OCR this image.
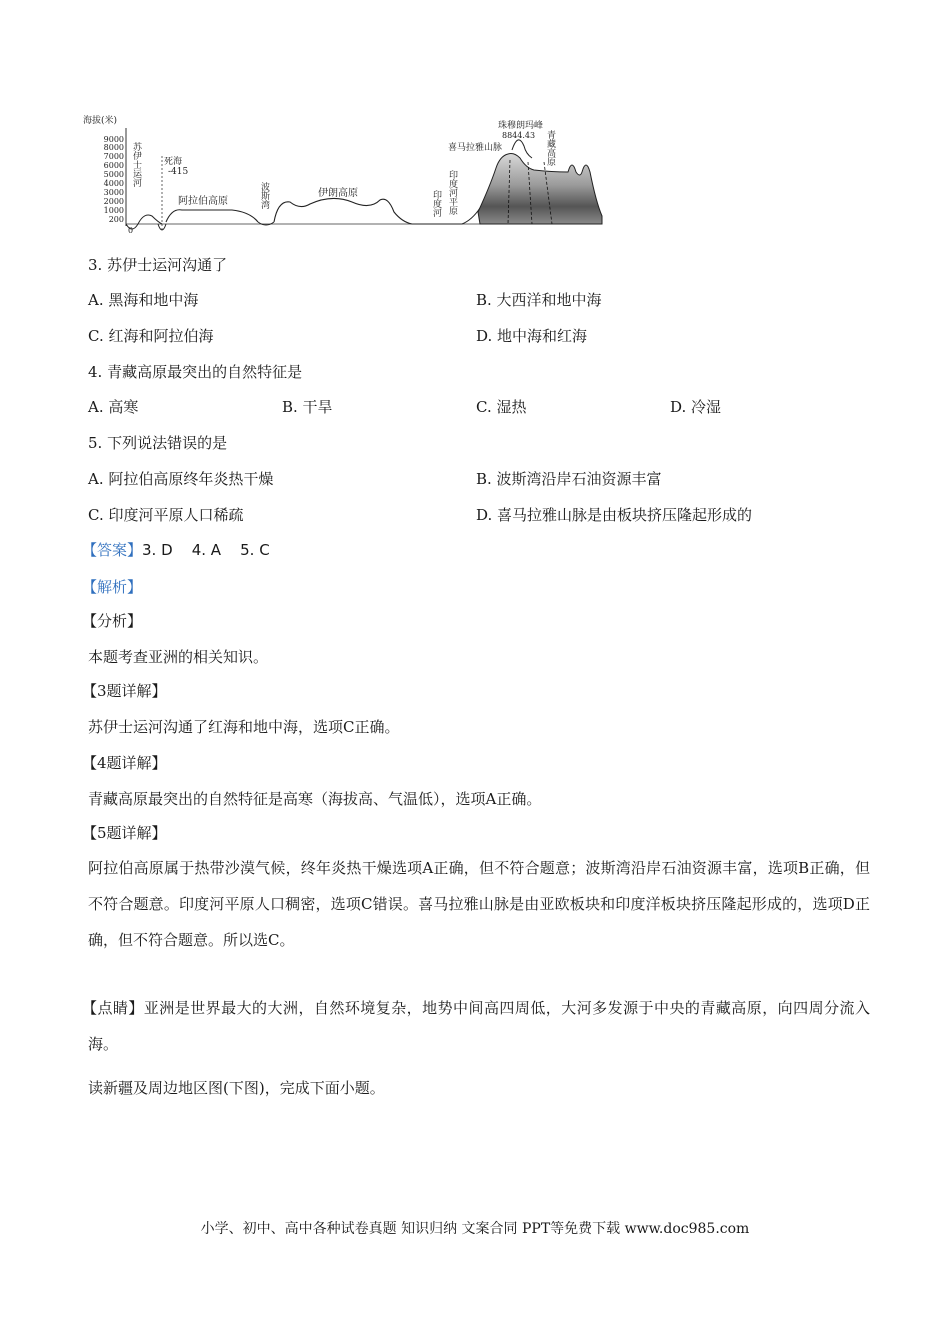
海拔(米)
9000
8000
7000
6000
5000
4000
3000
2000
1000
200
0
苏伊士运河	死海
-415
阿拉伯高原	波斯湾	伊朗高原	印度河 印度河平原
珠穆朗玛峰
8844.43
喜马拉雅山脉	青藏高原
3. 苏伊士运河沟通了
A. 黑海和地中海	B. 大西洋和地中海
C. 红海和阿拉伯海	D. 地中海和红海
4. 青藏高原最突出的自然特征是
A. 高寒	B. 干旱	C. 湿热	D. 冷湿
5. 下列说法错误的是
A. 阿拉伯高原终年炎热干燥	B. 波斯湾沿岸石油资源丰富
C. 印度河平原人口稀疏	D. 喜马拉雅山脉是由板块挤压隆起形成的
【答案】3. D    4. A    5. C
【解析】
【分析】
本题考查亚洲的相关知识。
【3题详解】
苏伊士运河沟通了红海和地中海，选项C正确。
【4题详解】
青藏高原最突出的自然特征是高寒（海拔高、气温低），选项A正确。
【5题详解】
阿拉伯高原属于热带沙漠气候，终年炎热干燥选项A正确，但不符合题意；波斯湾沿岸石油资源丰富，选项B正确，但不符合题意。印度河平原人口稠密，选项C错误。喜马拉雅山脉是由亚欧板块和印度洋板块挤压隆起形成的，选项D正确，但不符合题意。所以选C。
【点睛】亚洲是世界最大的大洲，自然环境复杂，地势中间高四周低，大河多发源于中央的青藏高原，向四周分流入海。
读新疆及周边地区图(下图)，完成下面小题。
小学、初中、高中各种试卷真题 知识归纳 文案合同 PPT等免费下载 www.doc985.com
